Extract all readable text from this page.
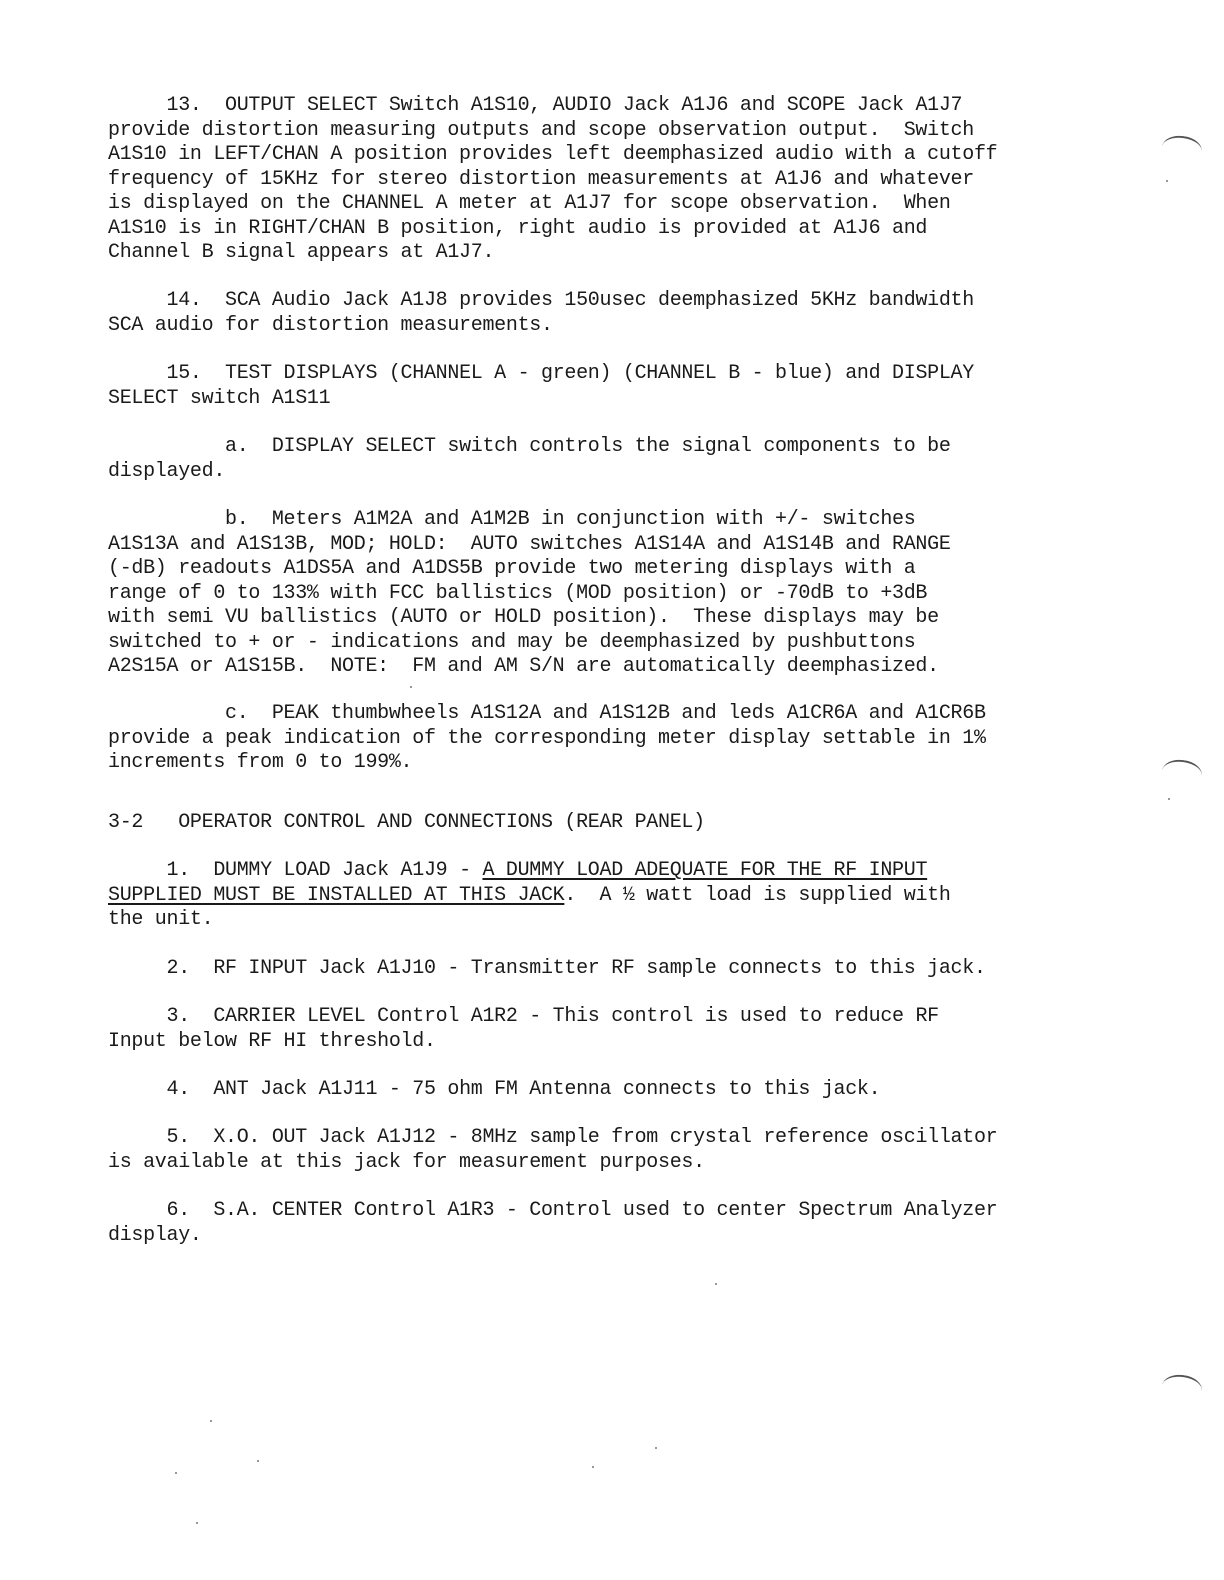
13.  OUTPUT SELECT Switch A1S10, AUDIO Jack A1J6 and SCOPE Jack A1J7
provide distortion measuring outputs and scope observation output.  Switch
A1S10 in LEFT/CHAN A position provides left deemphasized audio with a cutoff
frequency of 15KHz for stereo distortion measurements at A1J6 and whatever
is displayed on the CHANNEL A meter at A1J7 for scope observation.  When
A1S10 is in RIGHT/CHAN B position, right audio is provided at A1J6 and
Channel B signal appears at A1J7.

14.  SCA Audio Jack A1J8 provides 150usec deemphasized 5KHz bandwidth
SCA audio for distortion measurements.

15.  TEST DISPLAYS (CHANNEL A - green) (CHANNEL B - blue) and DISPLAY
SELECT switch A1S11

a.  DISPLAY SELECT switch controls the signal components to be
displayed.

b.  Meters A1M2A and A1M2B in conjunction with +/- switches
A1S13A and A1S13B, MOD; HOLD:  AUTO switches A1S14A and A1S14B and RANGE
(-dB) readouts A1DS5A and A1DS5B provide two metering displays with a
range of 0 to 133% with FCC ballistics (MOD position) or -70dB to +3dB
with semi VU ballistics (AUTO or HOLD position).  These displays may be
switched to + or - indications and may be deemphasized by pushbuttons
A2S15A or A1S15B.  NOTE:  FM and AM S/N are automatically deemphasized.

c.  PEAK thumbwheels A1S12A and A1S12B and leds A1CR6A and A1CR6B
provide a peak indication of the corresponding meter display settable in 1%
increments from 0 to 199%.

3-2   OPERATOR CONTROL AND CONNECTIONS (REAR PANEL)

1.  DUMMY LOAD Jack A1J9 - A DUMMY LOAD ADEQUATE FOR THE RF INPUT
SUPPLIED MUST BE INSTALLED AT THIS JACK.  A ½ watt load is supplied with
the unit.

2.  RF INPUT Jack A1J10 - Transmitter RF sample connects to this jack.

3.  CARRIER LEVEL Control A1R2 - This control is used to reduce RF
Input below RF HI threshold.

4.  ANT Jack A1J11 - 75 ohm FM Antenna connects to this jack.

5.  X.O. OUT Jack A1J12 - 8MHz sample from crystal reference oscillator
is available at this jack for measurement purposes.

6.  S.A. CENTER Control A1R3 - Control used to center Spectrum Analyzer
display.
